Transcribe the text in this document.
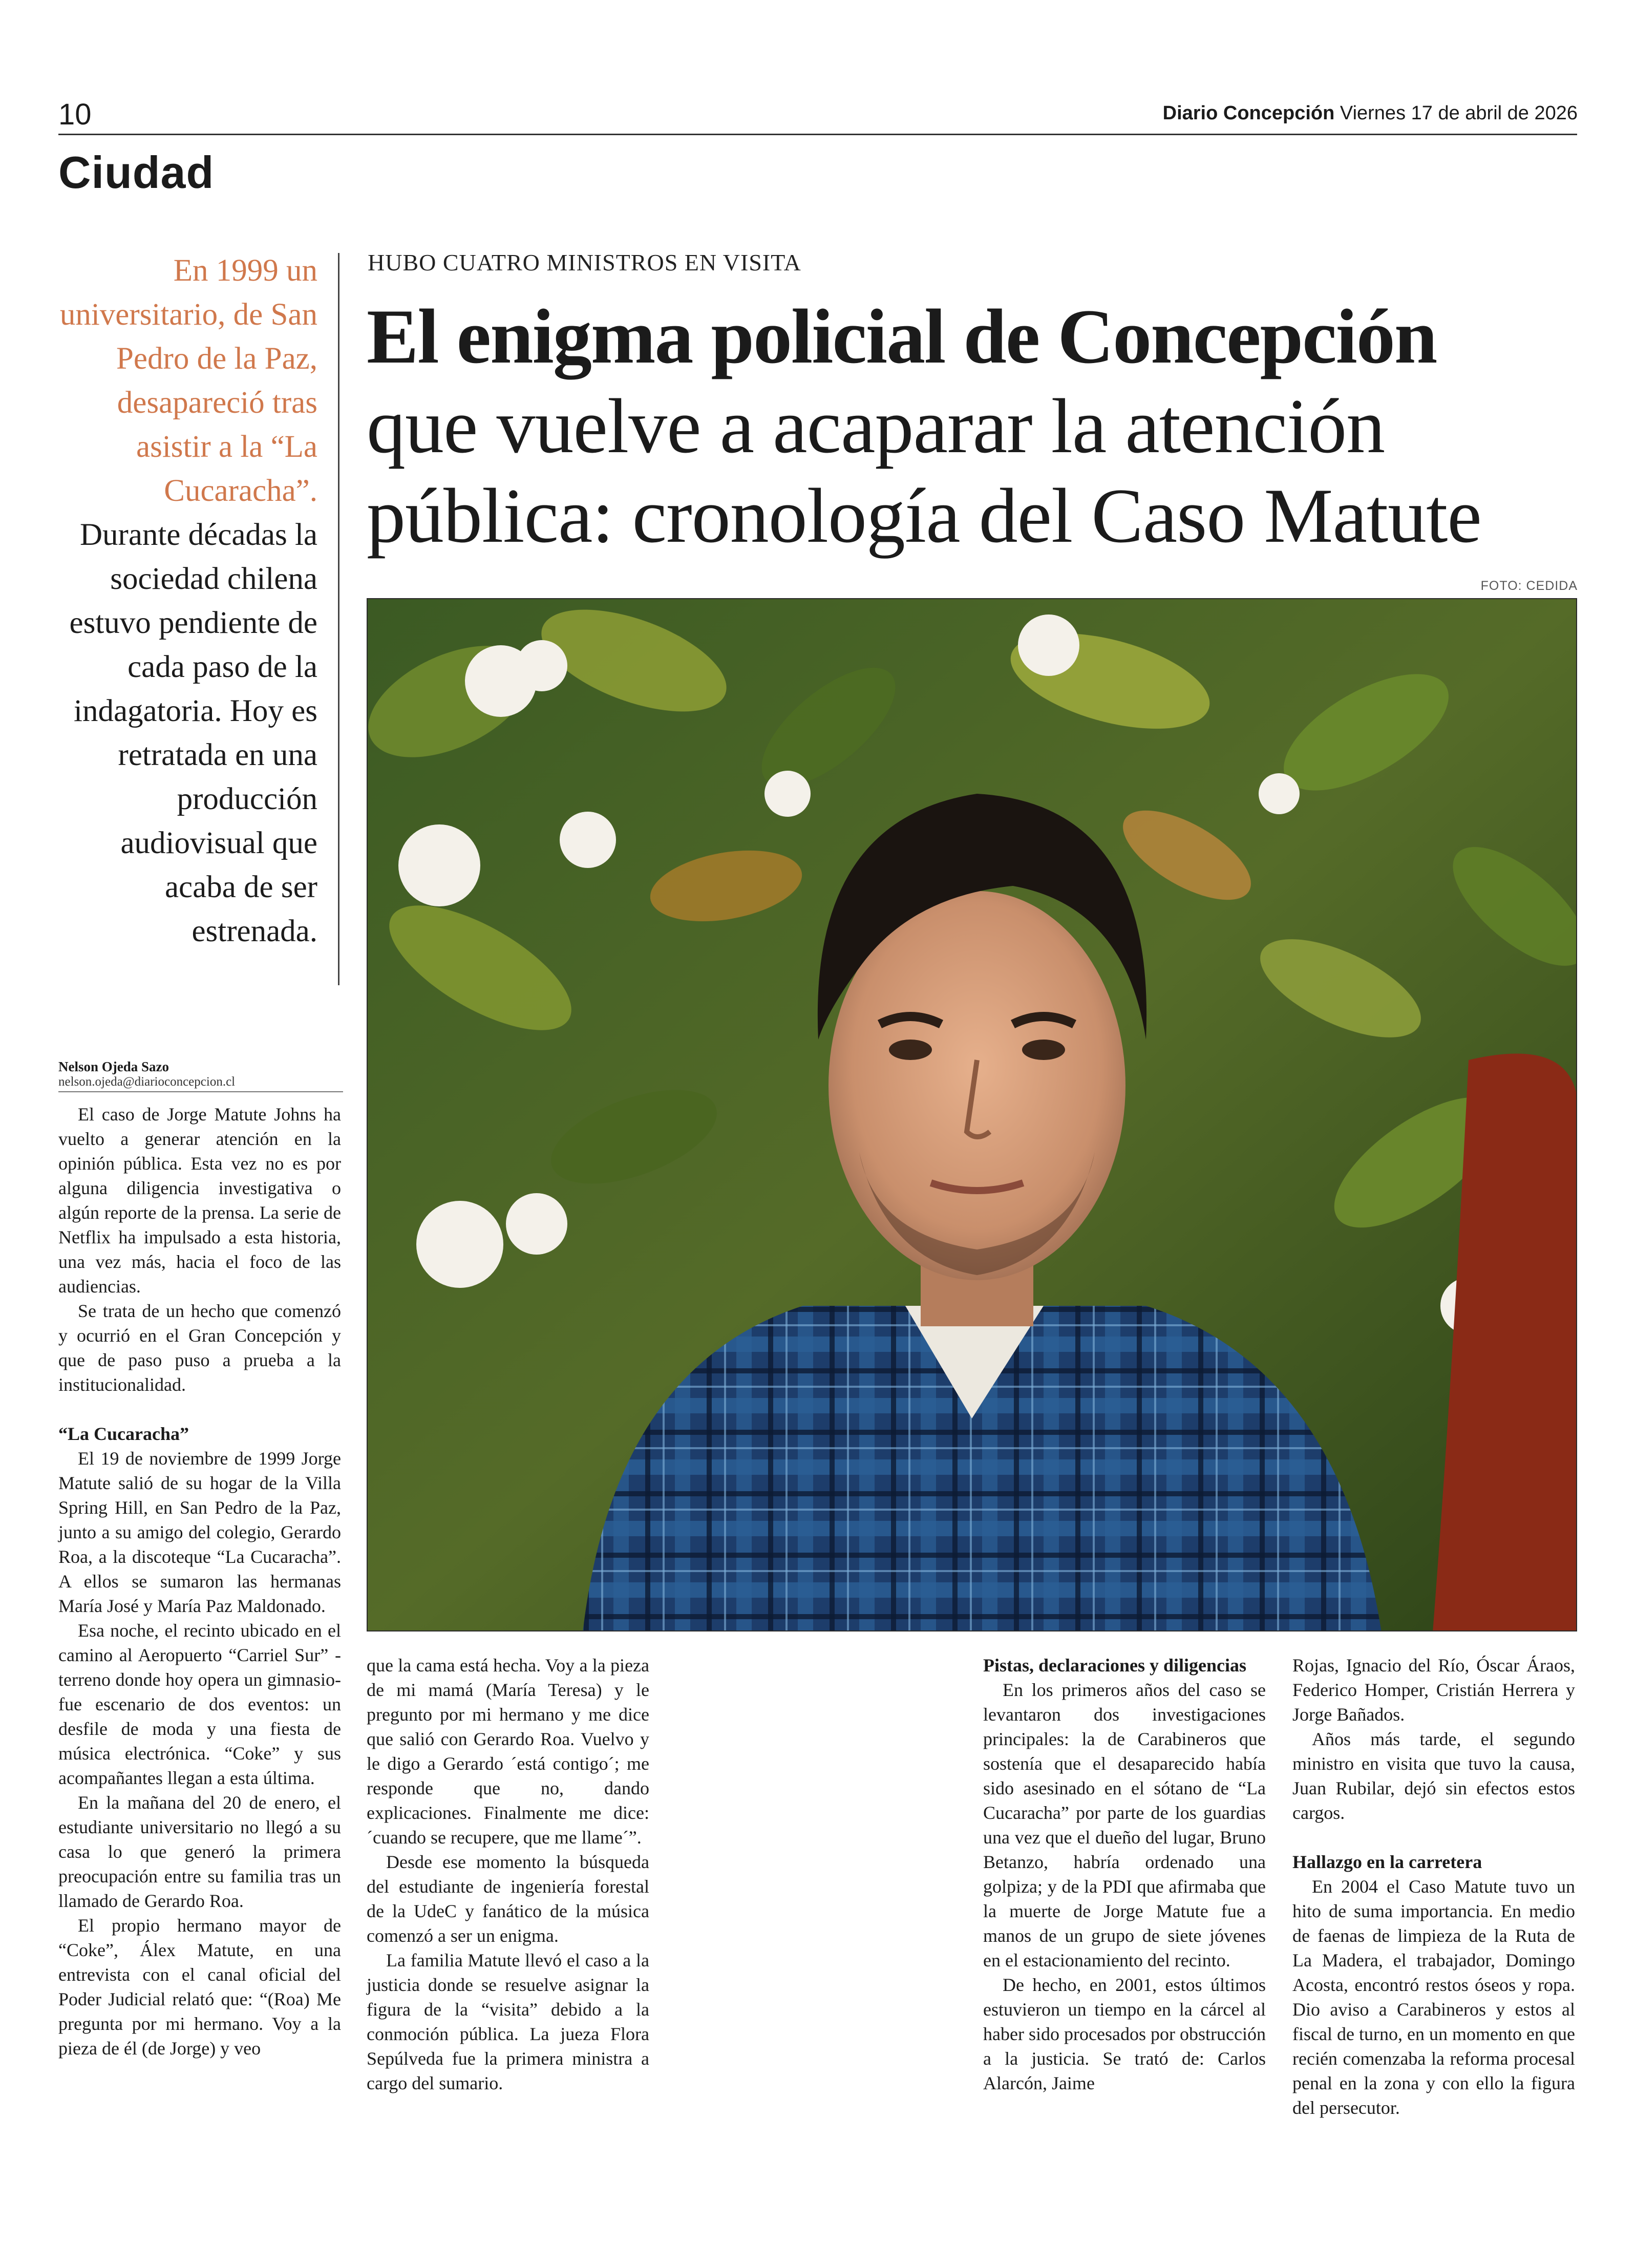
10	Diario Concepción Viernes 17 de abril de 2026
Ciudad
En 1999 un universitario, de San Pedro de la Paz, desapareció tras asistir a la “La Cucaracha”. Durante décadas la sociedad chilena estuvo pendiente de cada paso de la indagatoria. Hoy es retratada en una producción audiovisual que acaba de ser estrenada.
HUBO CUATRO MINISTROS EN VISITA
El enigma policial de Concepción
que vuelve a acaparar la atención pública: cronología del Caso Matute
FOTO: CEDIDA
Nelson Ojeda Sazo
nelson.ojeda@diarioconcepcion.cl

El caso de Jorge Matute Johns ha vuelto a generar atención en la opinión pública. Esta vez no es por alguna diligencia investigativa o algún reporte de la prensa. La serie de Netflix ha impulsado a esta historia, una vez más, hacia el foco de las audiencias.

Se trata de un hecho que comenzó y ocurrió en el Gran Concepción y que de paso puso a prueba a la institucionalidad.

“La Cucaracha”

El 19 de noviembre de 1999 Jorge Matute salió de su hogar de la Villa Spring Hill, en San Pedro de la Paz, junto a su amigo del colegio, Gerardo Roa, a la discoteque “La Cucaracha”. A ellos se sumaron las hermanas María José y María Paz Maldonado.

Esa noche, el recinto ubicado en el camino al Aeropuerto “Carriel Sur” - terreno donde hoy opera un gimnasio- fue escenario de dos eventos: un desfile de moda y una fiesta de música electrónica. “Coke” y sus acompañantes llegan a esta última.

En la mañana del 20 de enero, el estudiante universitario no llegó a su casa lo que generó la primera preocupación entre su familia tras un llamado de Gerardo Roa.

El propio hermano mayor de “Coke”, Álex Matute, en una entrevista con el canal oficial del Poder Judicial relató que: “(Roa) Me pregunta por mi hermano. Voy a la pieza de él (de Jorge) y veo

que la cama está hecha. Voy a la pieza de mi mamá (María Teresa) y le pregunto por mi hermano y me dice que salió con Gerardo Roa. Vuelvo y le digo a Gerardo ´está contigo´; me responde que no, dando explicaciones. Finalmente me dice: ´cuando se recupere, que me llame´”.

Desde ese momento la búsqueda del estudiante de ingeniería forestal de la UdeC y fanático de la música comenzó a ser un enigma.

La familia Matute llevó el caso a la justicia donde se resuelve asignar la figura de la “visita” debido a la conmoción pública. La jueza Flora Sepúlveda fue la primera ministra a cargo del sumario.

Pistas, declaraciones y diligencias

En los primeros años del caso se levantaron dos investigaciones principales: la de Carabineros que sostenía que el desaparecido había sido asesinado en el sótano de “La Cucaracha” por parte de los guardias una vez que el dueño del lugar, Bruno Betanzo, habría ordenado una golpiza; y de la PDI que afirmaba que la muerte de Jorge Matute fue a manos de un grupo de siete jóvenes en el estacionamiento del recinto.

De hecho, en 2001, estos últimos estuvieron un tiempo en la cárcel al haber sido procesados por obstrucción a la justicia. Se trató de: Carlos Alarcón, Jaime

Rojas, Ignacio del Río, Óscar Áraos, Federico Homper, Cristián Herrera y Jorge Bañados.

Años más tarde, el segundo ministro en visita que tuvo la causa, Juan Rubilar, dejó sin efectos estos cargos.

Hallazgo en la carretera

En 2004 el Caso Matute tuvo un hito de suma importancia. En medio de faenas de limpieza de la Ruta de La Madera, el trabajador, Domingo Acosta, encontró restos óseos y ropa. Dio aviso a Carabineros y estos al fiscal de turno, en un momento en que recién comenzaba la reforma procesal penal en la zona y con ello la figura del persecutor.
